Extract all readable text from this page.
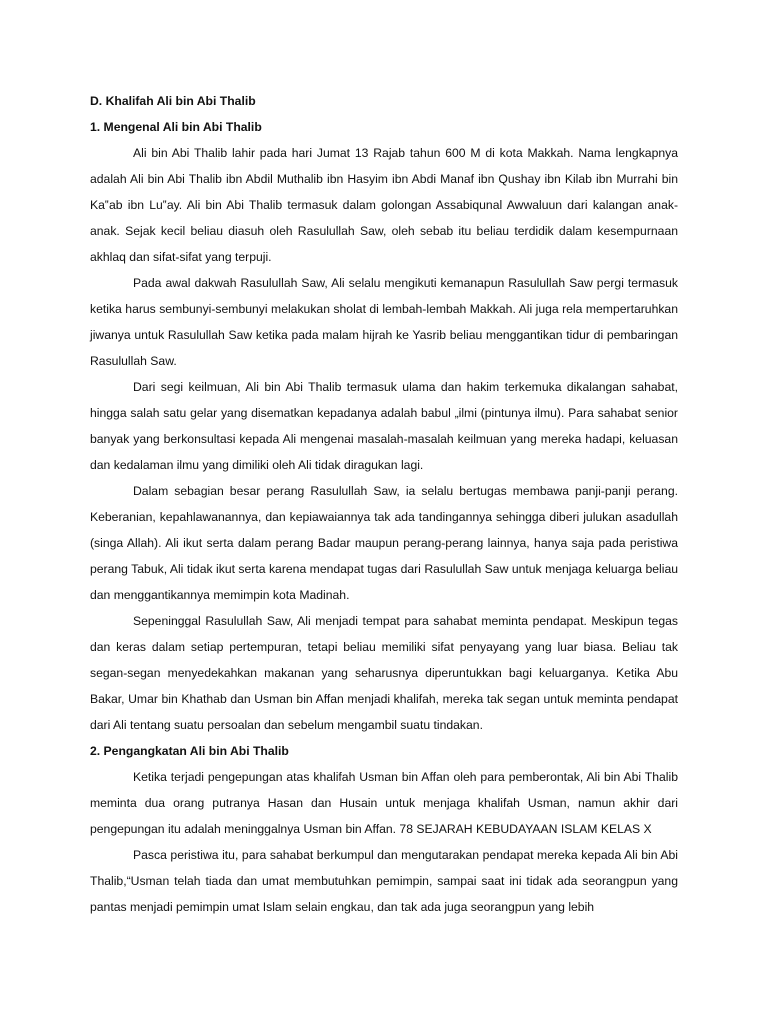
D. Khalifah Ali bin Abi Thalib
1. Mengenal Ali bin Abi Thalib

Ali bin Abi Thalib lahir pada hari Jumat 13 Rajab tahun 600 M di kota Makkah. Nama lengkapnya adalah Ali bin Abi Thalib ibn Abdil Muthalib ibn Hasyim ibn Abdi Manaf ibn Qushay ibn Kilab ibn Murrahi bin Ka‟ab ibn Lu‟ay. Ali bin Abi Thalib termasuk dalam golongan Assabiqunal Awwaluun dari kalangan anak-anak. Sejak kecil beliau diasuh oleh Rasulullah Saw, oleh sebab itu beliau terdidik dalam kesempurnaan akhlaq dan sifat-sifat yang terpuji.

Pada awal dakwah Rasulullah Saw, Ali selalu mengikuti kemanapun Rasulullah Saw pergi termasuk ketika harus sembunyi-sembunyi melakukan sholat di lembah-lembah Makkah. Ali juga rela mempertaruhkan jiwanya untuk Rasulullah Saw ketika pada malam hijrah ke Yasrib beliau menggantikan tidur di pembaringan Rasulullah Saw.

Dari segi keilmuan, Ali bin Abi Thalib termasuk ulama dan hakim terkemuka dikalangan sahabat, hingga salah satu gelar yang disematkan kepadanya adalah babul „ilmi (pintunya ilmu). Para sahabat senior banyak yang berkonsultasi kepada Ali mengenai masalah-masalah keilmuan yang mereka hadapi, keluasan dan kedalaman ilmu yang dimiliki oleh Ali tidak diragukan lagi.

Dalam sebagian besar perang Rasulullah Saw, ia selalu bertugas membawa panji-panji perang. Keberanian, kepahlawanannya, dan kepiawaiannya tak ada tandingannya sehingga diberi julukan asadullah (singa Allah). Ali ikut serta dalam perang Badar maupun perang-perang lainnya, hanya saja pada peristiwa perang Tabuk, Ali tidak ikut serta karena mendapat tugas dari Rasulullah Saw untuk menjaga keluarga beliau dan menggantikannya memimpin kota Madinah.

Sepeninggal Rasulullah Saw, Ali menjadi tempat para sahabat meminta pendapat. Meskipun tegas dan keras dalam setiap pertempuran, tetapi beliau memiliki sifat penyayang yang luar biasa. Beliau tak segan-segan menyedekahkan makanan yang seharusnya diperuntukkan bagi keluarganya. Ketika Abu Bakar, Umar bin Khathab dan Usman bin Affan menjadi khalifah, mereka tak segan untuk meminta pendapat dari Ali tentang suatu persoalan dan sebelum mengambil suatu tindakan.

2. Pengangkatan Ali bin Abi Thalib

Ketika terjadi pengepungan atas khalifah Usman bin Affan oleh para pemberontak, Ali bin Abi Thalib meminta dua orang putranya Hasan dan Husain untuk menjaga khalifah Usman, namun akhir dari pengepungan itu adalah meninggalnya Usman bin Affan. 78 SEJARAH KEBUDAYAAN ISLAM KELAS X

Pasca peristiwa itu, para sahabat berkumpul dan mengutarakan pendapat mereka kepada Ali bin Abi Thalib,“Usman telah tiada dan umat membutuhkan pemimpin, sampai saat ini tidak ada seorangpun yang pantas menjadi pemimpin umat Islam selain engkau, dan tak ada juga seorangpun yang lebih
